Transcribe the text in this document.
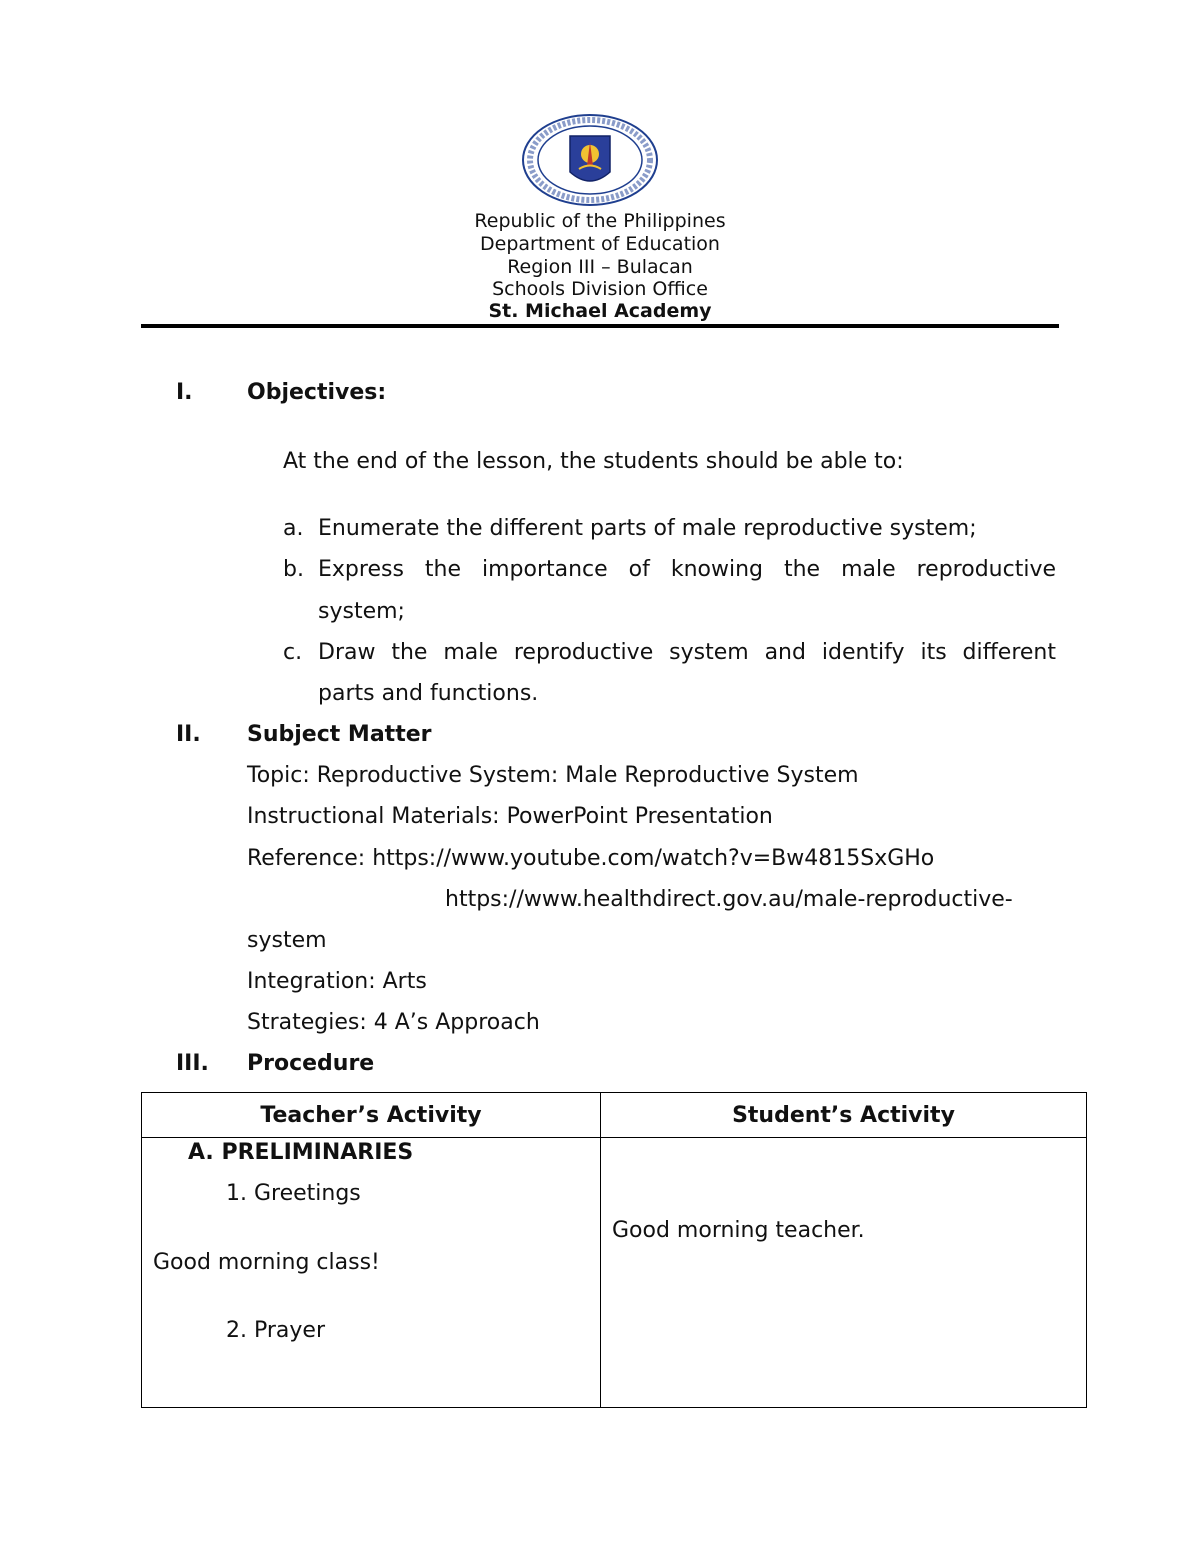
Republic of the Philippines
Department of Education
Region III – Bulacan
Schools Division Office
St. Michael Academy
I. Objectives:
At the end of the lesson, the students should be able to:
a. Enumerate the different parts of male reproductive system;
b. Express the importance of knowing the male reproductive
system;
c. Draw the male reproductive system and identify its different
parts and functions.
II. Subject Matter
Topic: Reproductive System: Male Reproductive System
Instructional Materials: PowerPoint Presentation
Reference: https://www.youtube.com/watch?v=Bw4815SxGHo
https://www.healthdirect.gov.au/male-reproductive-
system
Integration: Arts
Strategies: 4 A’s Approach
III. Procedure
Teacher’s Activity	Student’s Activity

A. PRELIMINARIES
1. Greetings
Good morning class!
2. Prayer	Good morning teacher.
